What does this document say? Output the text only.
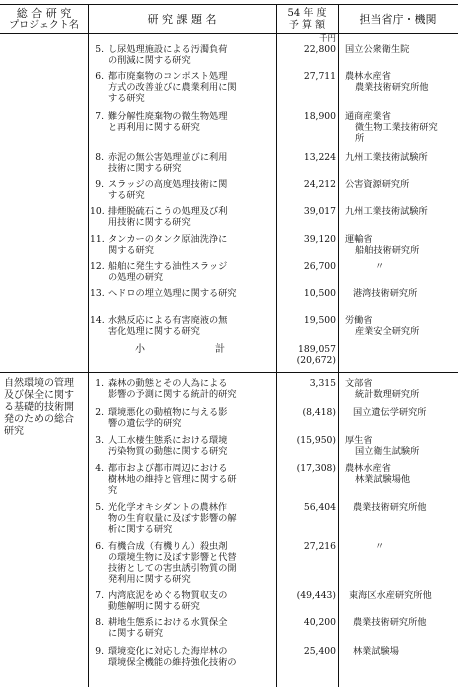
総 合 研 究
プロジェクト名	研 究 課 題 名	54 年 度
予 算 額	担当省庁・機関
千円
5. し尿処理施設による汚濁負荷
の削減に関する研究
22,800 国立公衆衛生院
6. 都市廃棄物のコンポスト処理
方式の改善並びに農業利用に関
する研究
27,711 農林水産省
農業技術研究所他
7. 難分解性廃棄物の微生物処理
と再利用に関する研究
18,900 通商産業省
微生物工業技術研究
所
8. 赤泥の無公害処理並びに利用
技術に関する研究
13,224 九州工業技術試験所
9. スラッジの高度処理技術に関
する研究
24,212 公害資源研究所
10. 排煙脱硫石こうの処理及び利
用技術に関する研究
39,017 九州工業技術試験所
11. タンカーのタンク原油洗浄に
関する研究
39,120 運輸省
船舶技術研究所
12. 船舶に発生する油性スラッジ
の処理の研究
26,700	〃
13. ヘドロの埋立処理に関する研究	10,500	港湾技術研究所
14. 水熱反応による有害廃液の無
害化処理に関する研究
19,500 労働省
産業安全研究所
小　　　　　　　計	189,057
(20,672)
自然環境の管理
及び保全に関す
る基礎的技術開
発のための総合
研究
1. 森林の動態とその人為による
影響の予測に関する統計的研究
3,315 文部省
統計数理研究所
2. 環境悪化の動植物に与える影
響の遺伝学的研究
(8,418)	国立遺伝学研究所
3. 人工水棲生態系における環境
汚染物質の動態に関する研究
(15,950) 厚生省
国立衛生試験所
4. 都市および都市周辺における
樹林地の維持と管理に関する研
究
(17,308) 農林水産省
林業試験場他
5. 光化学オキシダントの農林作
物の生育収量に及ぼす影響の解
析に関する研究
56,404	農業技術研究所他
6. 有機合成（有機りん）殺虫剤
の環境生物に及ぼす影響と代替
技術としての害虫誘引物質の開
発利用に関する研究
27,216	〃
7. 内湾底泥をめぐる物質収支の
動態解明に関する研究
(49,443)	東海区水産研究所他
8. 耕地生態系における水質保全
に関する研究
40,200	農業技術研究所他
9. 環境変化に対応した海岸林の
環境保全機能の維持強化技術の
25,400	林業試験場
